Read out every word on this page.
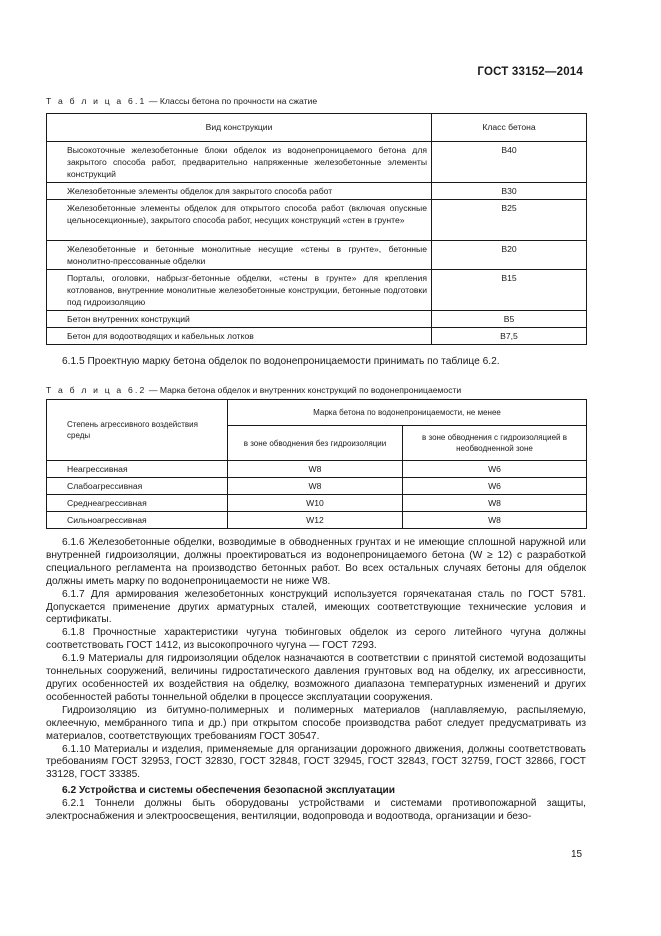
ГОСТ 33152—2014
Т а б л и ц а 6.1 — Классы бетона по прочности на сжатие
Вид конструкции	Класс бетона
Высокоточные железобетонные блоки обделок из водонепроницаемого бетона для закрытого способа работ, предварительно напряженные железобетонные элементы конструкций	B40
Железобетонные элементы обделок для закрытого способа работ	B30
Железобетонные элементы обделок для открытого способа работ (включая опускные цельносекционные), закрытого способа работ, несущих конструкций «стен в грунте»	B25
Железобетонные и бетонные монолитные несущие «стены в грунте», бетонные монолитно-прессованные обделки	B20
Порталы, оголовки, набрызг-бетонные обделки, «стены в грунте» для крепления котлованов, внутренние монолитные железобетонные конструкции, бетонные подготовки под гидроизоляцию	B15
Бетон внутренних конструкций	B5
Бетон для водоотводящих и кабельных лотков	B7,5

6.1.5 Проектную марку бетона обделок по водонепроницаемости принимать по таблице 6.2.

Т а б л и ц а 6.2 — Марка бетона обделок и внутренних конструкций по водонепроницаемости
Степень агрессивного воздействия среды	Марка бетона по водонепроницаемости, не менее	
	в зоне обводнения без гидроизоляции	в зоне обводнения с гидроизоляцией в необводненной зоне
Неагрессивная	W8	W6
Слабоагрессивная	W8	W6
Среднеагрессивная	W10	W8
Сильноагрессивная	W12	W8

6.1.6 Железобетонные обделки, возводимые в обводненных грунтах и не имеющие сплошной наружной или внутренней гидроизоляции, должны проектироваться из водонепроницаемого бетона (W ≥ 12) с разработкой специального регламента на производство бетонных работ. Во всех остальных случаях бетоны для обделок должны иметь марку по водонепроницаемости не ниже W8.

6.1.7 Для армирования железобетонных конструкций используется горячекатаная сталь по ГОСТ 5781. Допускается применение других арматурных сталей, имеющих соответствующие технические условия и сертификаты.

6.1.8 Прочностные характеристики чугуна тюбинговых обделок из серого литейного чугуна должны соответствовать ГОСТ 1412, из высокопрочного чугуна — ГОСТ 7293.

6.1.9 Материалы для гидроизоляции обделок назначаются в соответствии с принятой системой водозащиты тоннельных сооружений, величины гидростатического давления грунтовых вод на обделку, их агрессивности, других особенностей их воздействия на обделку, возможного диапазона температурных изменений и других особенностей работы тоннельной обделки в процессе эксплуатации сооружения.

Гидроизоляцию из битумно-полимерных и полимерных материалов (наплавляемую, распыляемую, оклеечную, мембранного типа и др.) при открытом способе производства работ следует предусматривать из материалов, соответствующих требованиям ГОСТ 30547.

6.1.10 Материалы и изделия, применяемые для организации дорожного движения, должны соответствовать требованиям ГОСТ 32953, ГОСТ 32830, ГОСТ 32848, ГОСТ 32945, ГОСТ 32843, ГОСТ 32759, ГОСТ 32866, ГОСТ 33128, ГОСТ 33385.

6.2 Устройства и системы обеспечения безопасной эксплуатации

6.2.1 Тоннели должны быть оборудованы устройствами и системами противопожарной защиты, электроснабжения и электроосвещения, вентиляции, водопровода и водоотвода, организации и безо-

15
